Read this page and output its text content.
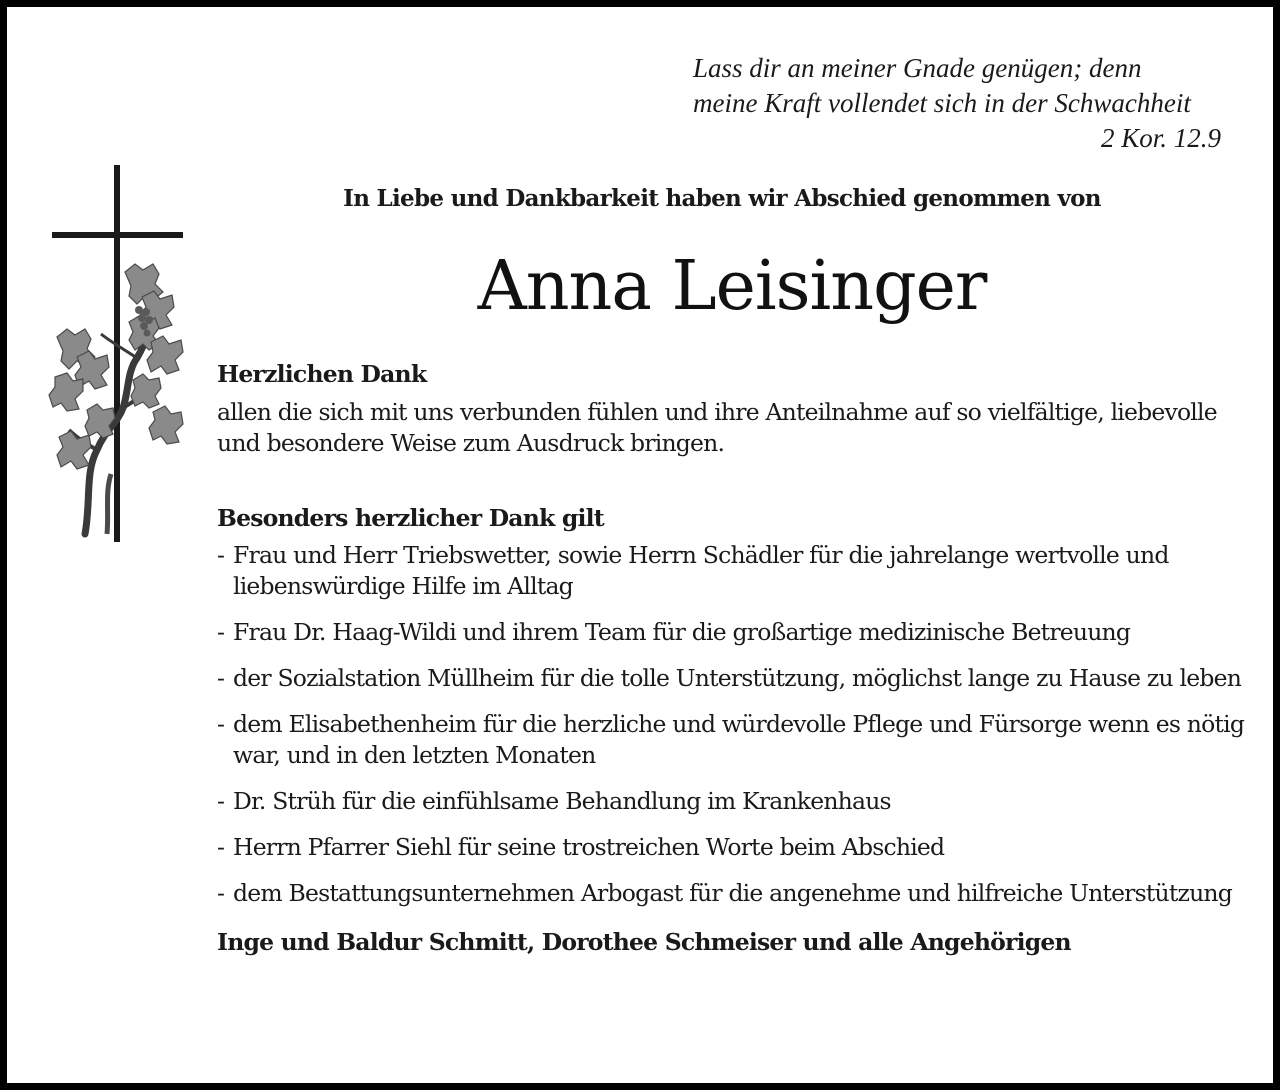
Lass dir an meiner Gnade genügen; denn
meine Kraft vollendet sich in der Schwachheit

2 Kor. 12.9
In Liebe und Dankbarkeit haben wir Abschied genommen von
Anna Leisinger

Herzlichen Dank

allen die sich mit uns verbunden fühlen und ihre Anteilnahme auf so vielfältige, liebevolle und besondere Weise zum Ausdruck bringen.

Besonders herzlicher Dank gilt

- Frau und Herr Triebswetter, sowie Herrn Schädler für die jahrelange wertvolle und liebenswürdige Hilfe im Alltag
- Frau Dr. Haag-Wildi und ihrem Team für die großartige medizinische Betreuung
- der Sozialstation Müllheim für die tolle Unterstützung, möglichst lange zu Hause zu leben
- dem Elisabethenheim für die herzliche und würdevolle Pflege und Fürsorge wenn es nötig war, und in den letzten Monaten
- Dr. Strüh für die einfühlsame Behandlung im Krankenhaus
- Herrn Pfarrer Siehl für seine trostreichen Worte beim Abschied
- dem Bestattungsunternehmen Arbogast für die angenehme und hilfreiche Unterstützung

Inge und Baldur Schmitt, Dorothee Schmeiser und alle Angehörigen
